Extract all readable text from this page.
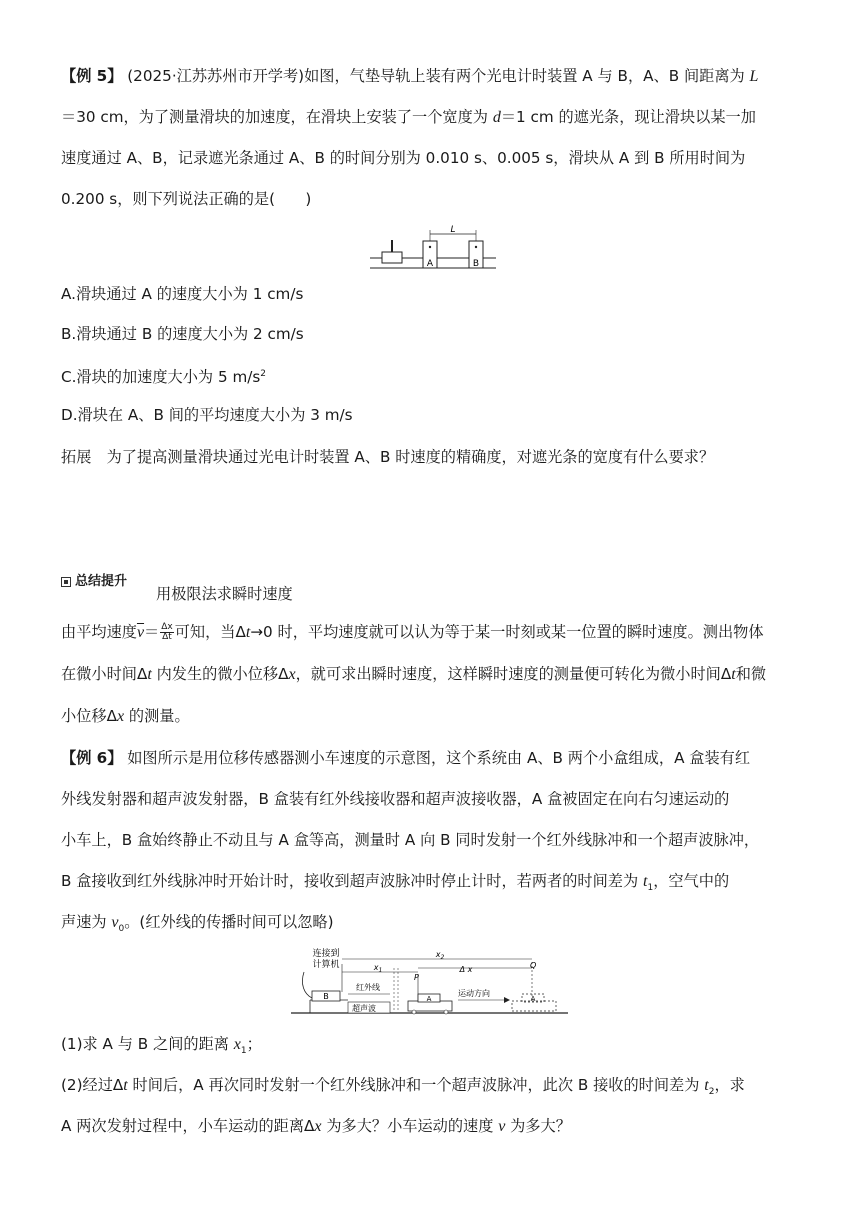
【例 5】 (2025·江苏苏州市开学考)如图，气垫导轨上装有两个光电计时装置 A 与 B，A、B 间距离为 L
＝30 cm，为了测量滑块的加速度，在滑块上安装了一个宽度为 d＝1 cm 的遮光条，现让滑块以某一加
速度通过 A、B，记录遮光条通过 A、B 的时间分别为 0.010 s、0.005 s，滑块从 A 到 B 所用时间为
0.200 s，则下列说法正确的是(　　)
L
A	B
A.滑块通过 A 的速度大小为 1 cm/s
B.滑块通过 B 的速度大小为 2 cm/s
C.滑块的加速度大小为 5 $m/s^2$
D.滑块在 A、B 间的平均速度大小为 3 m/s
拓展　为了提高测量滑块通过光电计时装置 A、B 时速度的精确度，对遮光条的宽度有什么要求？
总结提升
用极限法求瞬时速度
由平均速度$\overline{v}= \frac{\Delta x}{\Delta t}$ 可知，当Δt→0 时，平均速度就可以认为等于某一时刻或某一位置的瞬时速度。测出物体
在微小时间Δt 内发生的微小位移Δx，就可求出瞬时速度，这样瞬时速度的测量便可转化为微小时间Δt和微
小位移Δx 的测量。
【例 6】 如图所示是用位移传感器测小车速度的示意图，这个系统由 A、B 两个小盒组成，A 盒装有红
外线发射器和超声波发射器，B 盒装有红外线接收器和超声波接收器，A 盒被固定在向右匀速运动的
小车上，B 盒始终静止不动且与 A 盒等高，测量时 A 向 B 同时发射一个红外线脉冲和一个超声波脉冲，
B 盒接收到红外线脉冲时开始计时，接收到超声波脉冲时停止计时，若两者的时间差为 $t_1$，空气中的
声速为 $v_0$。(红外线的传播时间可以忽略)
连接到
计算机
B
$x_2$
$x_1$	Δ x
P
Q
红外线
超声波
A
运动方向
A
(1)求 A 与 B 之间的距离 $x_1$；
(2)经过Δt 时间后，A 再次同时发射一个红外线脉冲和一个超声波脉冲，此次 B 接收的时间差为 $t_2$，求
A 两次发射过程中，小车运动的距离Δx 为多大？小车运动的速度 v 为多大？
